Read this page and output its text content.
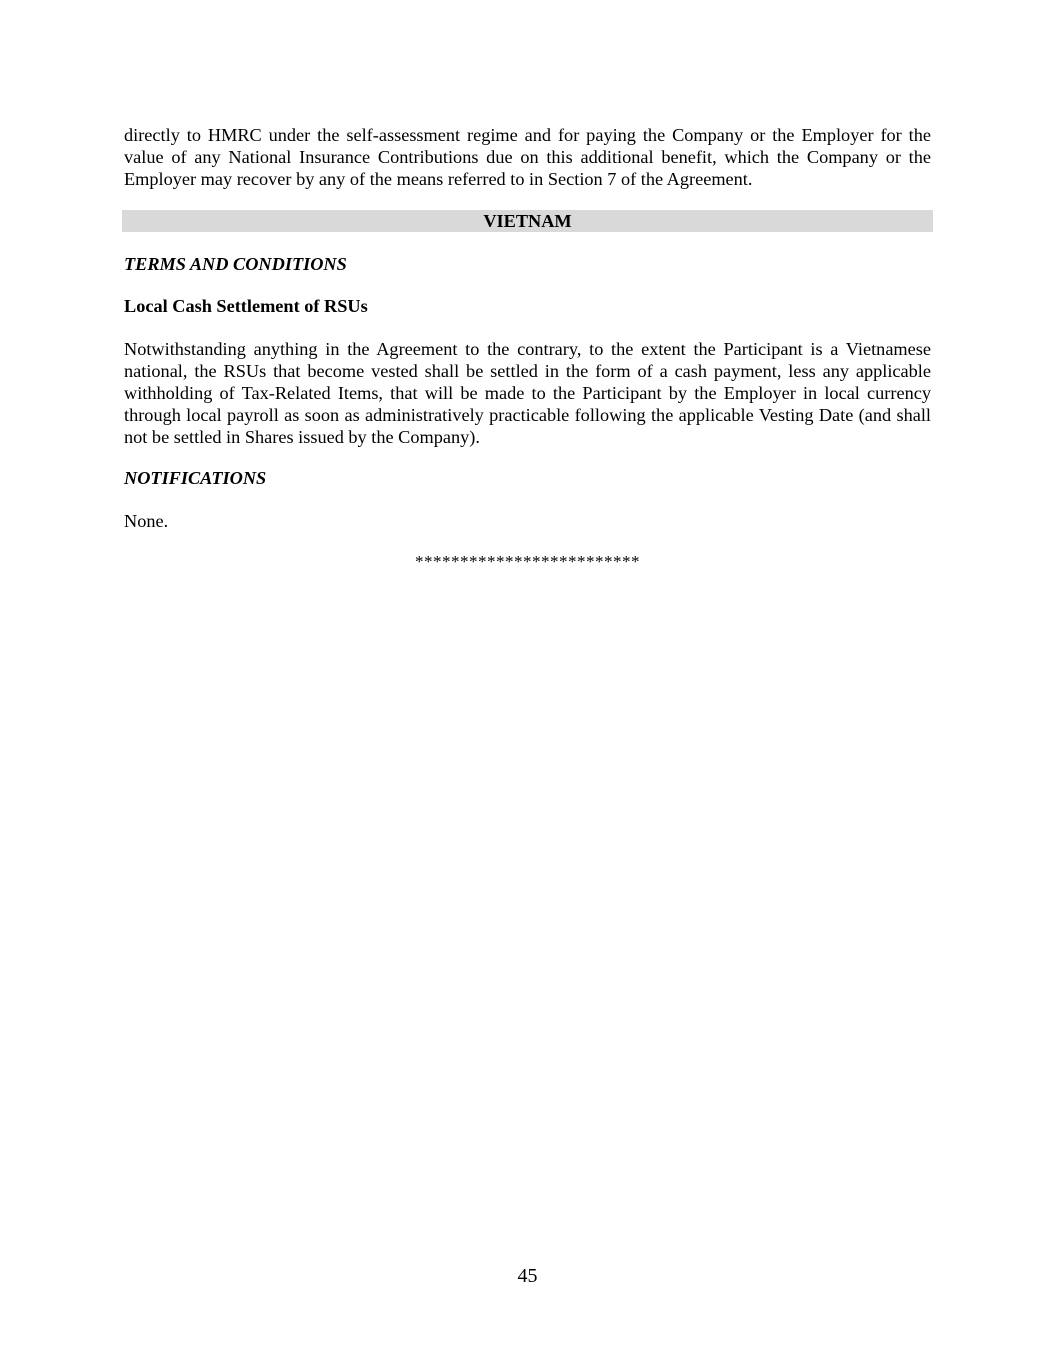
directly to HMRC under the self-assessment regime and for paying the Company or the Employer for the value of any National Insurance Contributions due on this additional benefit, which the Company or the Employer may recover by any of the means referred to in Section 7 of the Agreement.

VIETNAM
TERMS AND CONDITIONS
Local Cash Settlement of RSUs

Notwithstanding anything in the Agreement to the contrary, to the extent the Participant is a Vietnamese national, the RSUs that become vested shall be settled in the form of a cash payment, less any applicable withholding of Tax-Related Items, that will be made to the Participant by the Employer in local currency through local payroll as soon as administratively practicable following the applicable Vesting Date (and shall not be settled in Shares issued by the Company).

NOTIFICATIONS

None.

*************************
45
